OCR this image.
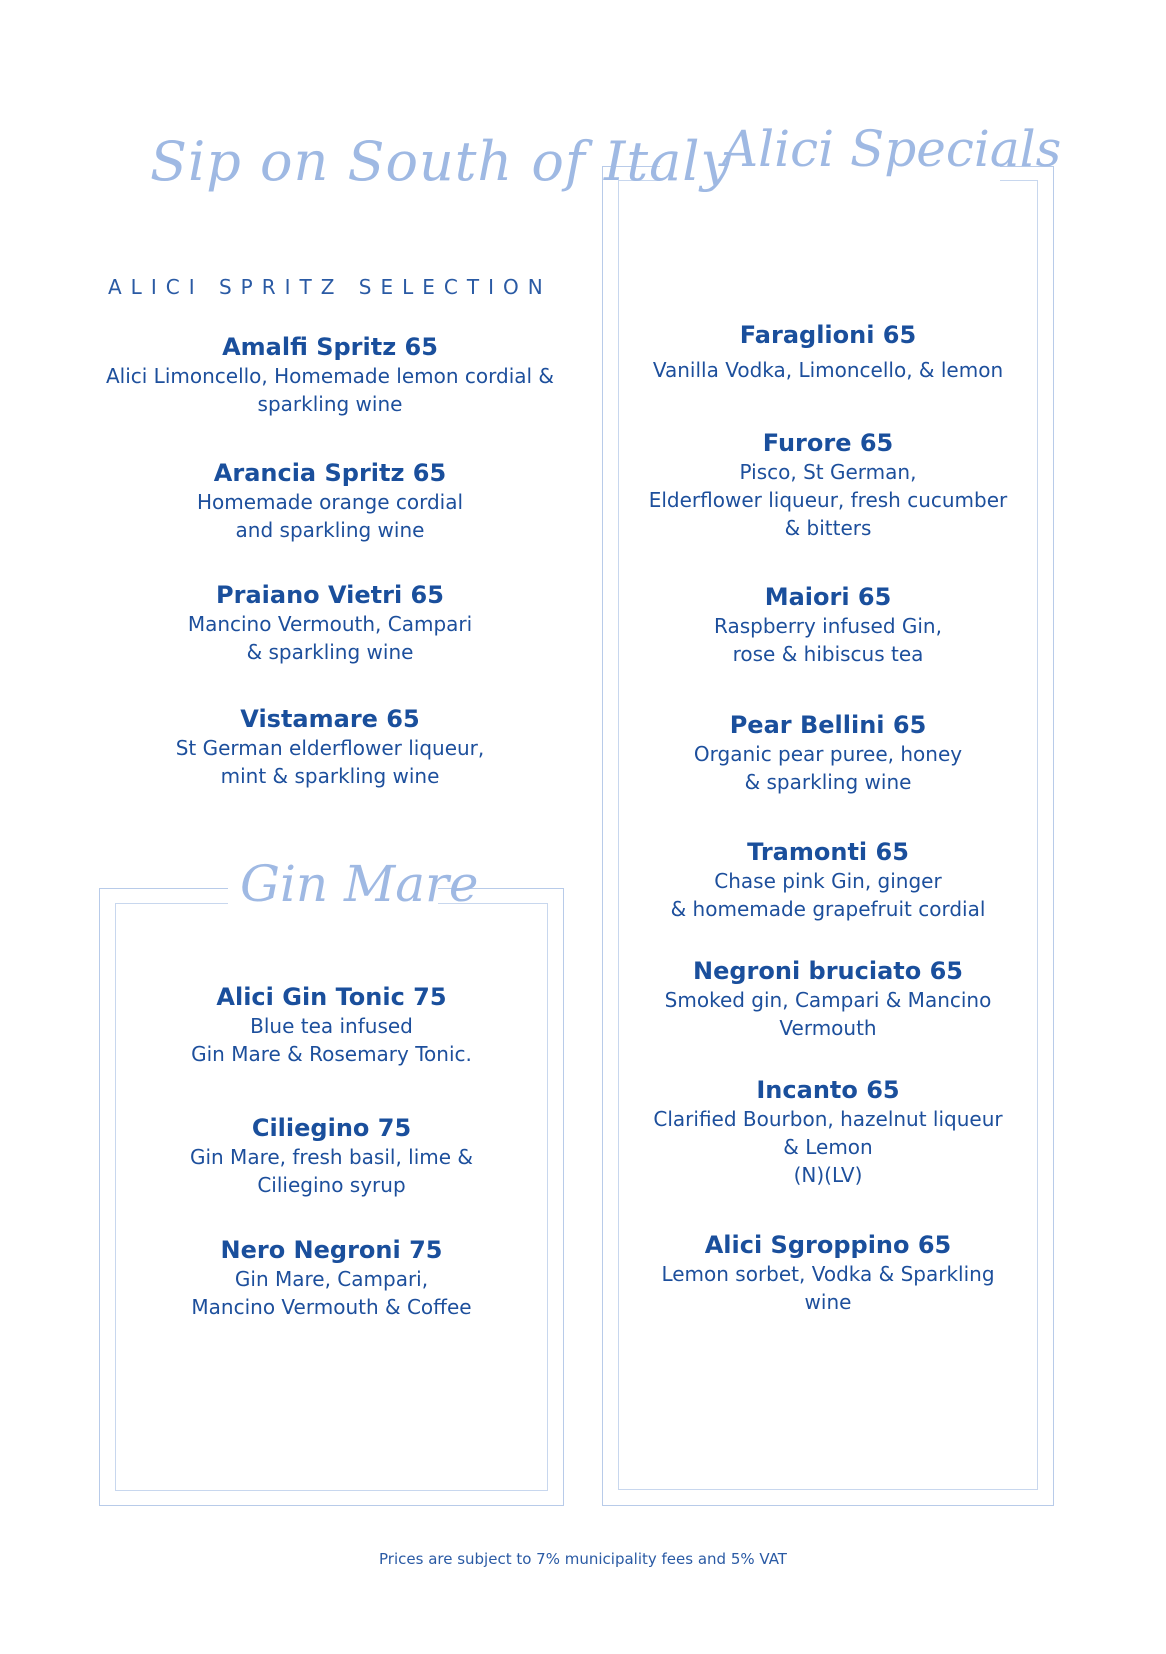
Sip on South of Italy
Alici Specials
Gin Mare
ALICI SPRITZ SELECTION
Amalfi Spritz 65
Alici Limoncello, Homemade lemon cordial &
sparkling wine
Arancia Spritz 65
Homemade orange cordial
and sparkling wine
Praiano Vietri 65
Mancino Vermouth, Campari
& sparkling wine
Vistamare 65
St German elderflower liqueur,
mint & sparkling wine
Alici Gin Tonic 75
Blue tea infused
Gin Mare & Rosemary Tonic.
Ciliegino 75
Gin Mare, fresh basil, lime &
Ciliegino syrup
Nero Negroni 75
Gin Mare, Campari,
Mancino Vermouth & Coffee
Faraglioni 65
Vanilla Vodka, Limoncello, & lemon
Furore 65
Pisco, St German,
Elderflower liqueur, fresh cucumber
& bitters
Maiori 65
Raspberry infused Gin,
rose & hibiscus tea
Pear Bellini 65
Organic pear puree, honey
& sparkling wine
Tramonti 65
Chase pink Gin, ginger
& homemade grapefruit cordial
Negroni bruciato 65
Smoked gin, Campari & Mancino
Vermouth
Incanto 65
Clarified Bourbon, hazelnut liqueur
& Lemon
(N)(LV)
Alici Sgroppino 65
Lemon sorbet, Vodka & Sparkling
wine
Prices are subject to 7% municipality fees and 5% VAT
